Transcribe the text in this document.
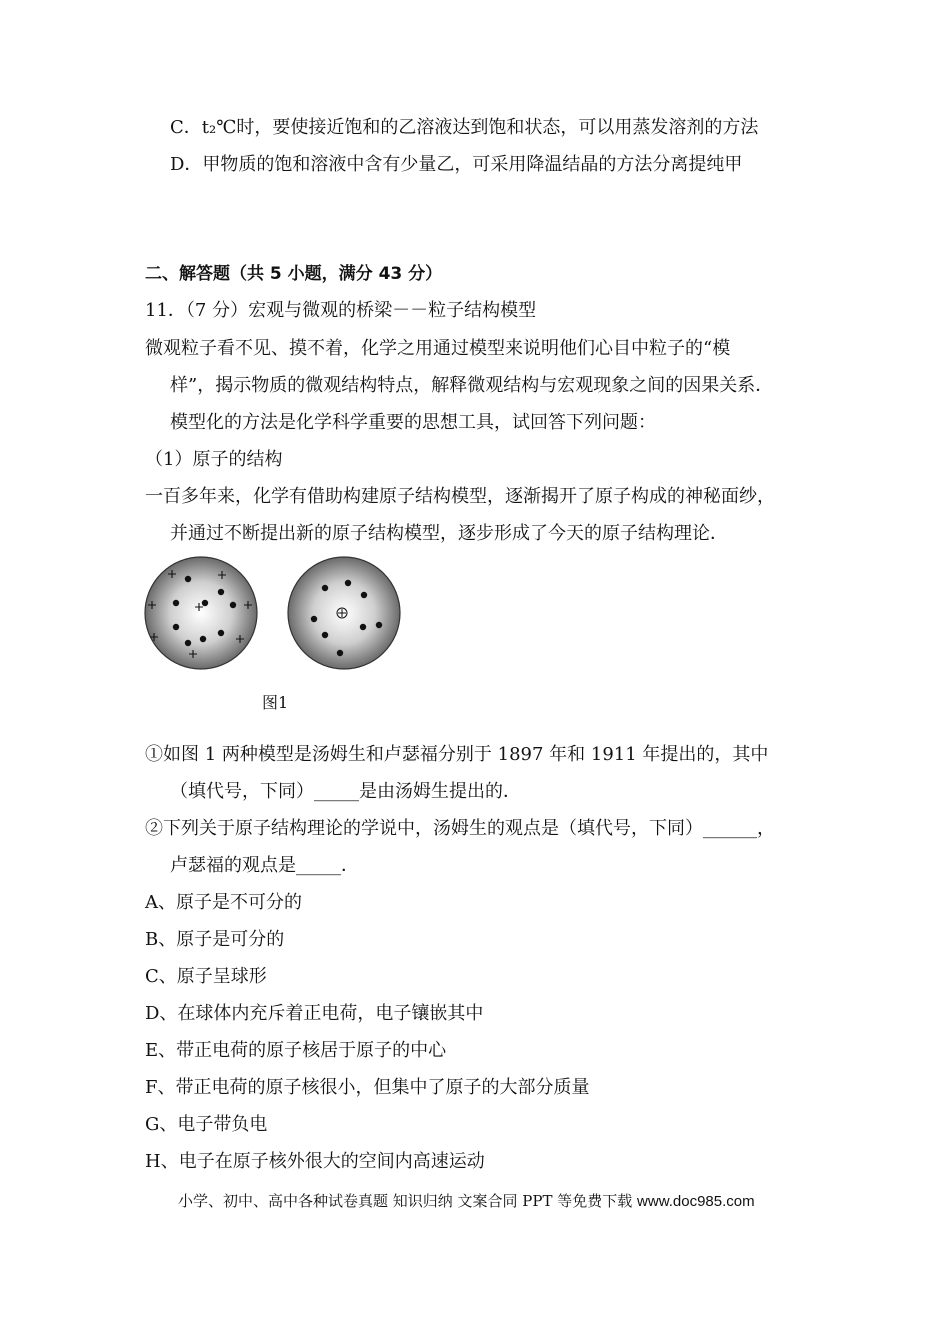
C．t₂℃时，要使接近饱和的乙溶液达到饱和状态，可以用蒸发溶剂的方法
D．甲物质的饱和溶液中含有少量乙，可采用降温结晶的方法分离提纯甲
二、解答题（共 5 小题，满分 43 分）
11．（7 分）宏观与微观的桥梁－－粒子结构模型
微观粒子看不见、摸不着，化学之用通过模型来说明他们心目中粒子的“模
样”，揭示物质的微观结构特点，解释微观结构与宏观现象之间的因果关系．
模型化的方法是化学科学重要的思想工具，试回答下列问题：
（1）原子的结构
一百多年来，化学有借助构建原子结构模型，逐渐揭开了原子构成的神秘面纱，
并通过不断提出新的原子结构模型，逐步形成了今天的原子结构理论．
图1
①如图 1 两种模型是汤姆生和卢瑟福分别于 1897 年和 1911 年提出的，其中
（填代号，下同）_____是由汤姆生提出的．
②下列关于原子结构理论的学说中，汤姆生的观点是（填代号，下同）______，
卢瑟福的观点是_____．
A、原子是不可分的
B、原子是可分的
C、原子呈球形
D、在球体内充斥着正电荷，电子镶嵌其中
E、带正电荷的原子核居于原子的中心
F、带正电荷的原子核很小，但集中了原子的大部分质量
G、电子带负电
H、电子在原子核外很大的空间内高速运动
小学、初中、高中各种试卷真题 知识归纳 文案合同 PPT 等免费下载 www.doc985.com
